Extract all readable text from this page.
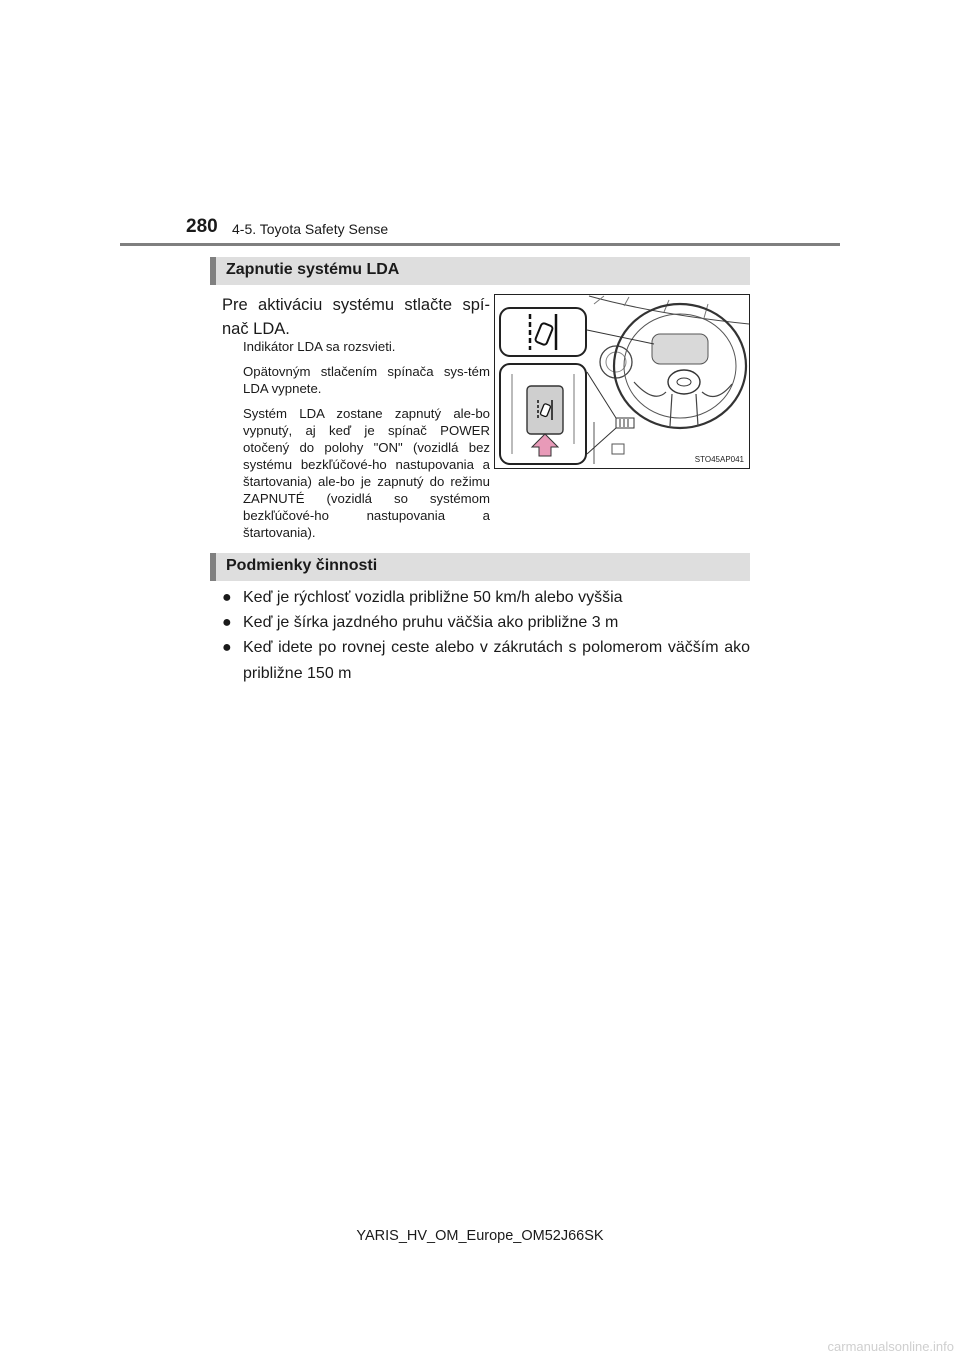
280 4-5. Toyota Safety Sense
Zapnutie systému LDA
Pre aktiváciu systému stlačte spí-nač LDA.
Indikátor LDA sa rozsvieti.
Opätovným stlačením spínača sys-tém LDA vypnete.
Systém LDA zostane zapnutý ale-bo vypnutý, aj keď je spínač POWER otočený do polohy "ON" (vozidlá bez systému bezkľúčové-ho nastupovania a štartovania) ale-bo je zapnutý do režimu ZAPNUTÉ (vozidlá so systémom bezkľúčové-ho nastupovania a štartovania).
STO45AP041
Podmienky činnosti
● Keď je rýchlosť vozidla približne 50 km/h alebo vyššia
● Keď je šírka jazdného pruhu väčšia ako približne 3 m
● Keď idete po rovnej ceste alebo v zákrutách s polomerom väčším ako približne 150 m
YARIS_HV_OM_Europe_OM52J66SK
carmanualsonline.info
